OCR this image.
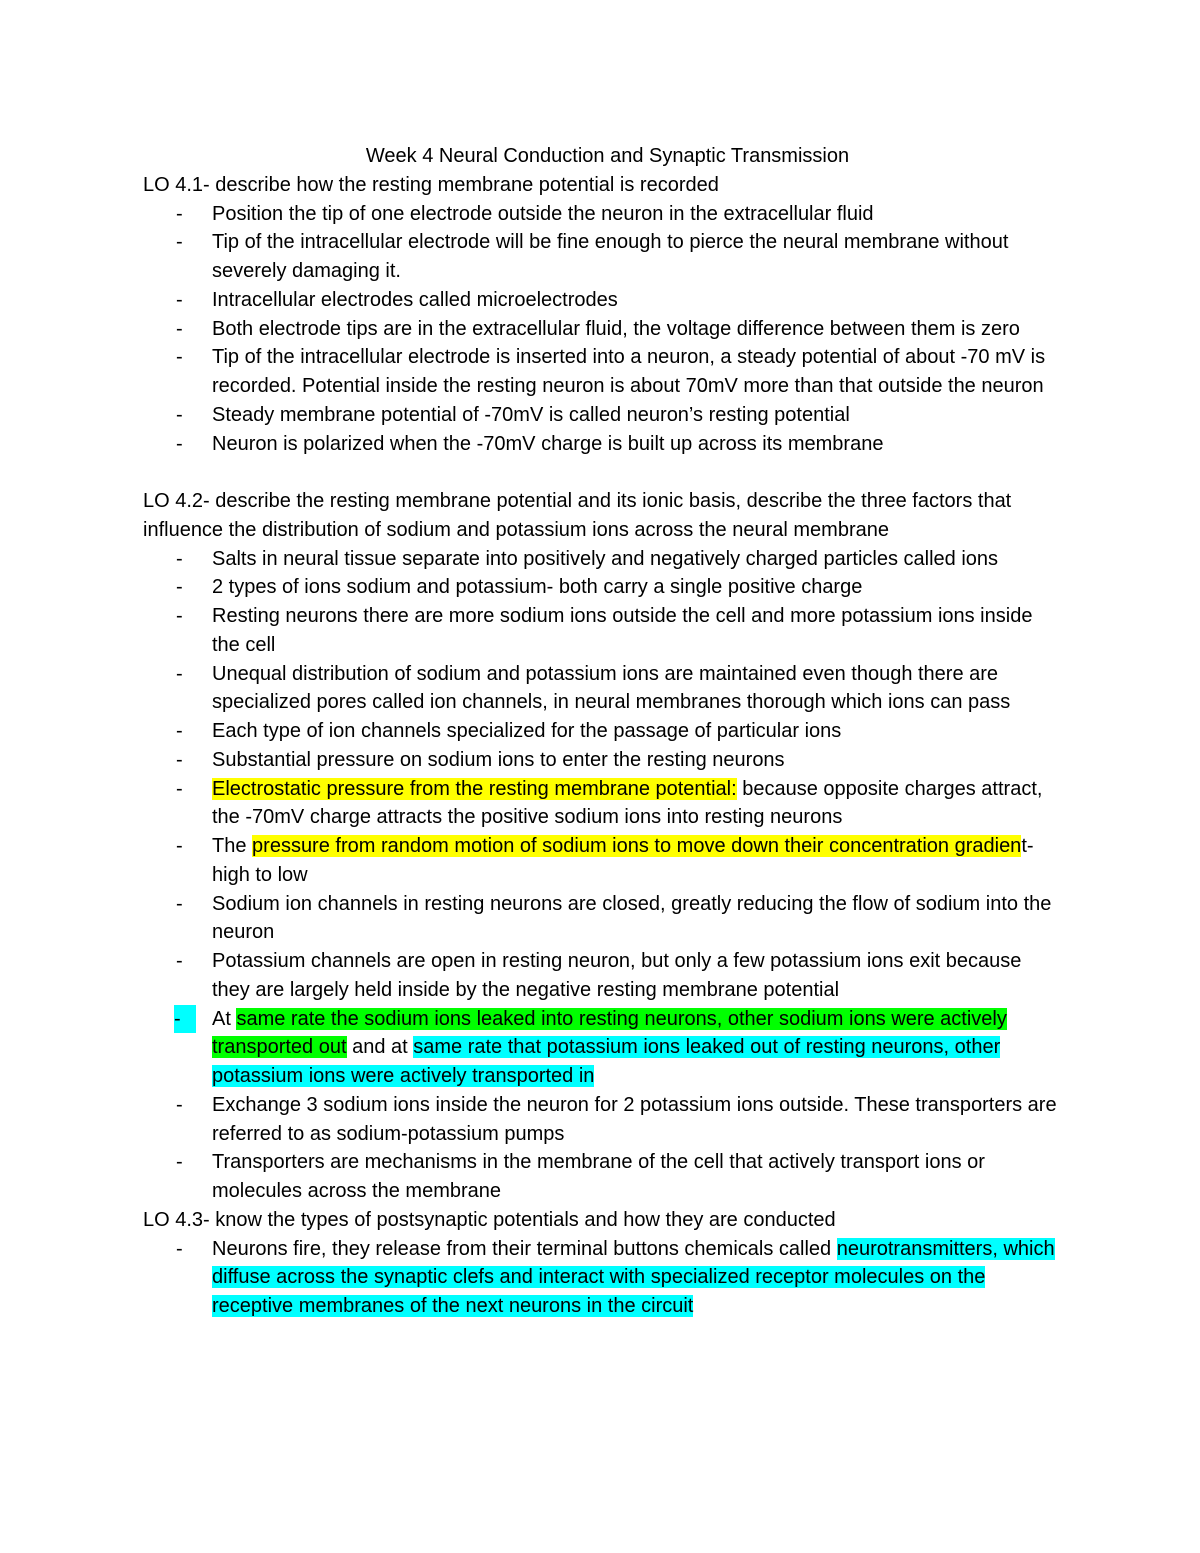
Week 4 Neural Conduction and Synaptic Transmission

LO 4.1- describe how the resting membrane potential is recorded

-	Position the tip of one electrode outside the neuron in the extracellular fluid
-	Tip of the intracellular electrode will be fine enough to pierce the neural membrane without severely damaging it.
-	Intracellular electrodes called microelectrodes
-	Both electrode tips are in the extracellular fluid, the voltage difference between them is zero
-	Tip of the intracellular electrode is inserted into a neuron, a steady potential of about -70 mV is recorded. Potential inside the resting neuron is about 70mV more than that outside the neuron
-	Steady membrane potential of -70mV is called neuron’s resting potential
-	Neuron is polarized when the -70mV charge is built up across its membrane

LO 4.2- describe the resting membrane potential and its ionic basis, describe the three factors that influence the distribution of sodium and potassium ions across the neural membrane

-	Salts in neural tissue separate into positively and negatively charged particles called ions
-	2 types of ions sodium and potassium- both carry a single positive charge
-	Resting neurons there are more sodium ions outside the cell and more potassium ions inside the cell
-	Unequal distribution of sodium and potassium ions are maintained even though there are specialized pores called ion channels, in neural membranes thorough which ions can pass
-	Each type of ion channels specialized for the passage of particular ions
-	Substantial pressure on sodium ions to enter the resting neurons
-	Electrostatic pressure from the resting membrane potential: because opposite charges attract, the -70mV charge attracts the positive sodium ions into resting neurons
-	The pressure from random motion of sodium ions to move down their concentration gradient- high to low
-	Sodium ion channels in resting neurons are closed, greatly reducing the flow of sodium into the neuron
-	Potassium channels are open in resting neuron, but only a few potassium ions exit because they are largely held inside by the negative resting membrane potential
-	At same rate the sodium ions leaked into resting neurons, other sodium ions were actively transported out and at same rate that potassium ions leaked out of resting neurons, other potassium ions were actively transported in
-	Exchange 3 sodium ions inside the neuron for 2 potassium ions outside. These transporters are referred to as sodium-potassium pumps
-	Transporters are mechanisms in the membrane of the cell that actively transport ions or molecules across the membrane

LO 4.3- know the types of postsynaptic potentials and how they are conducted

-	Neurons fire, they release from their terminal buttons chemicals called neurotransmitters, which diffuse across the synaptic clefs and interact with specialized receptor molecules on the receptive membranes of the next neurons in the circuit
